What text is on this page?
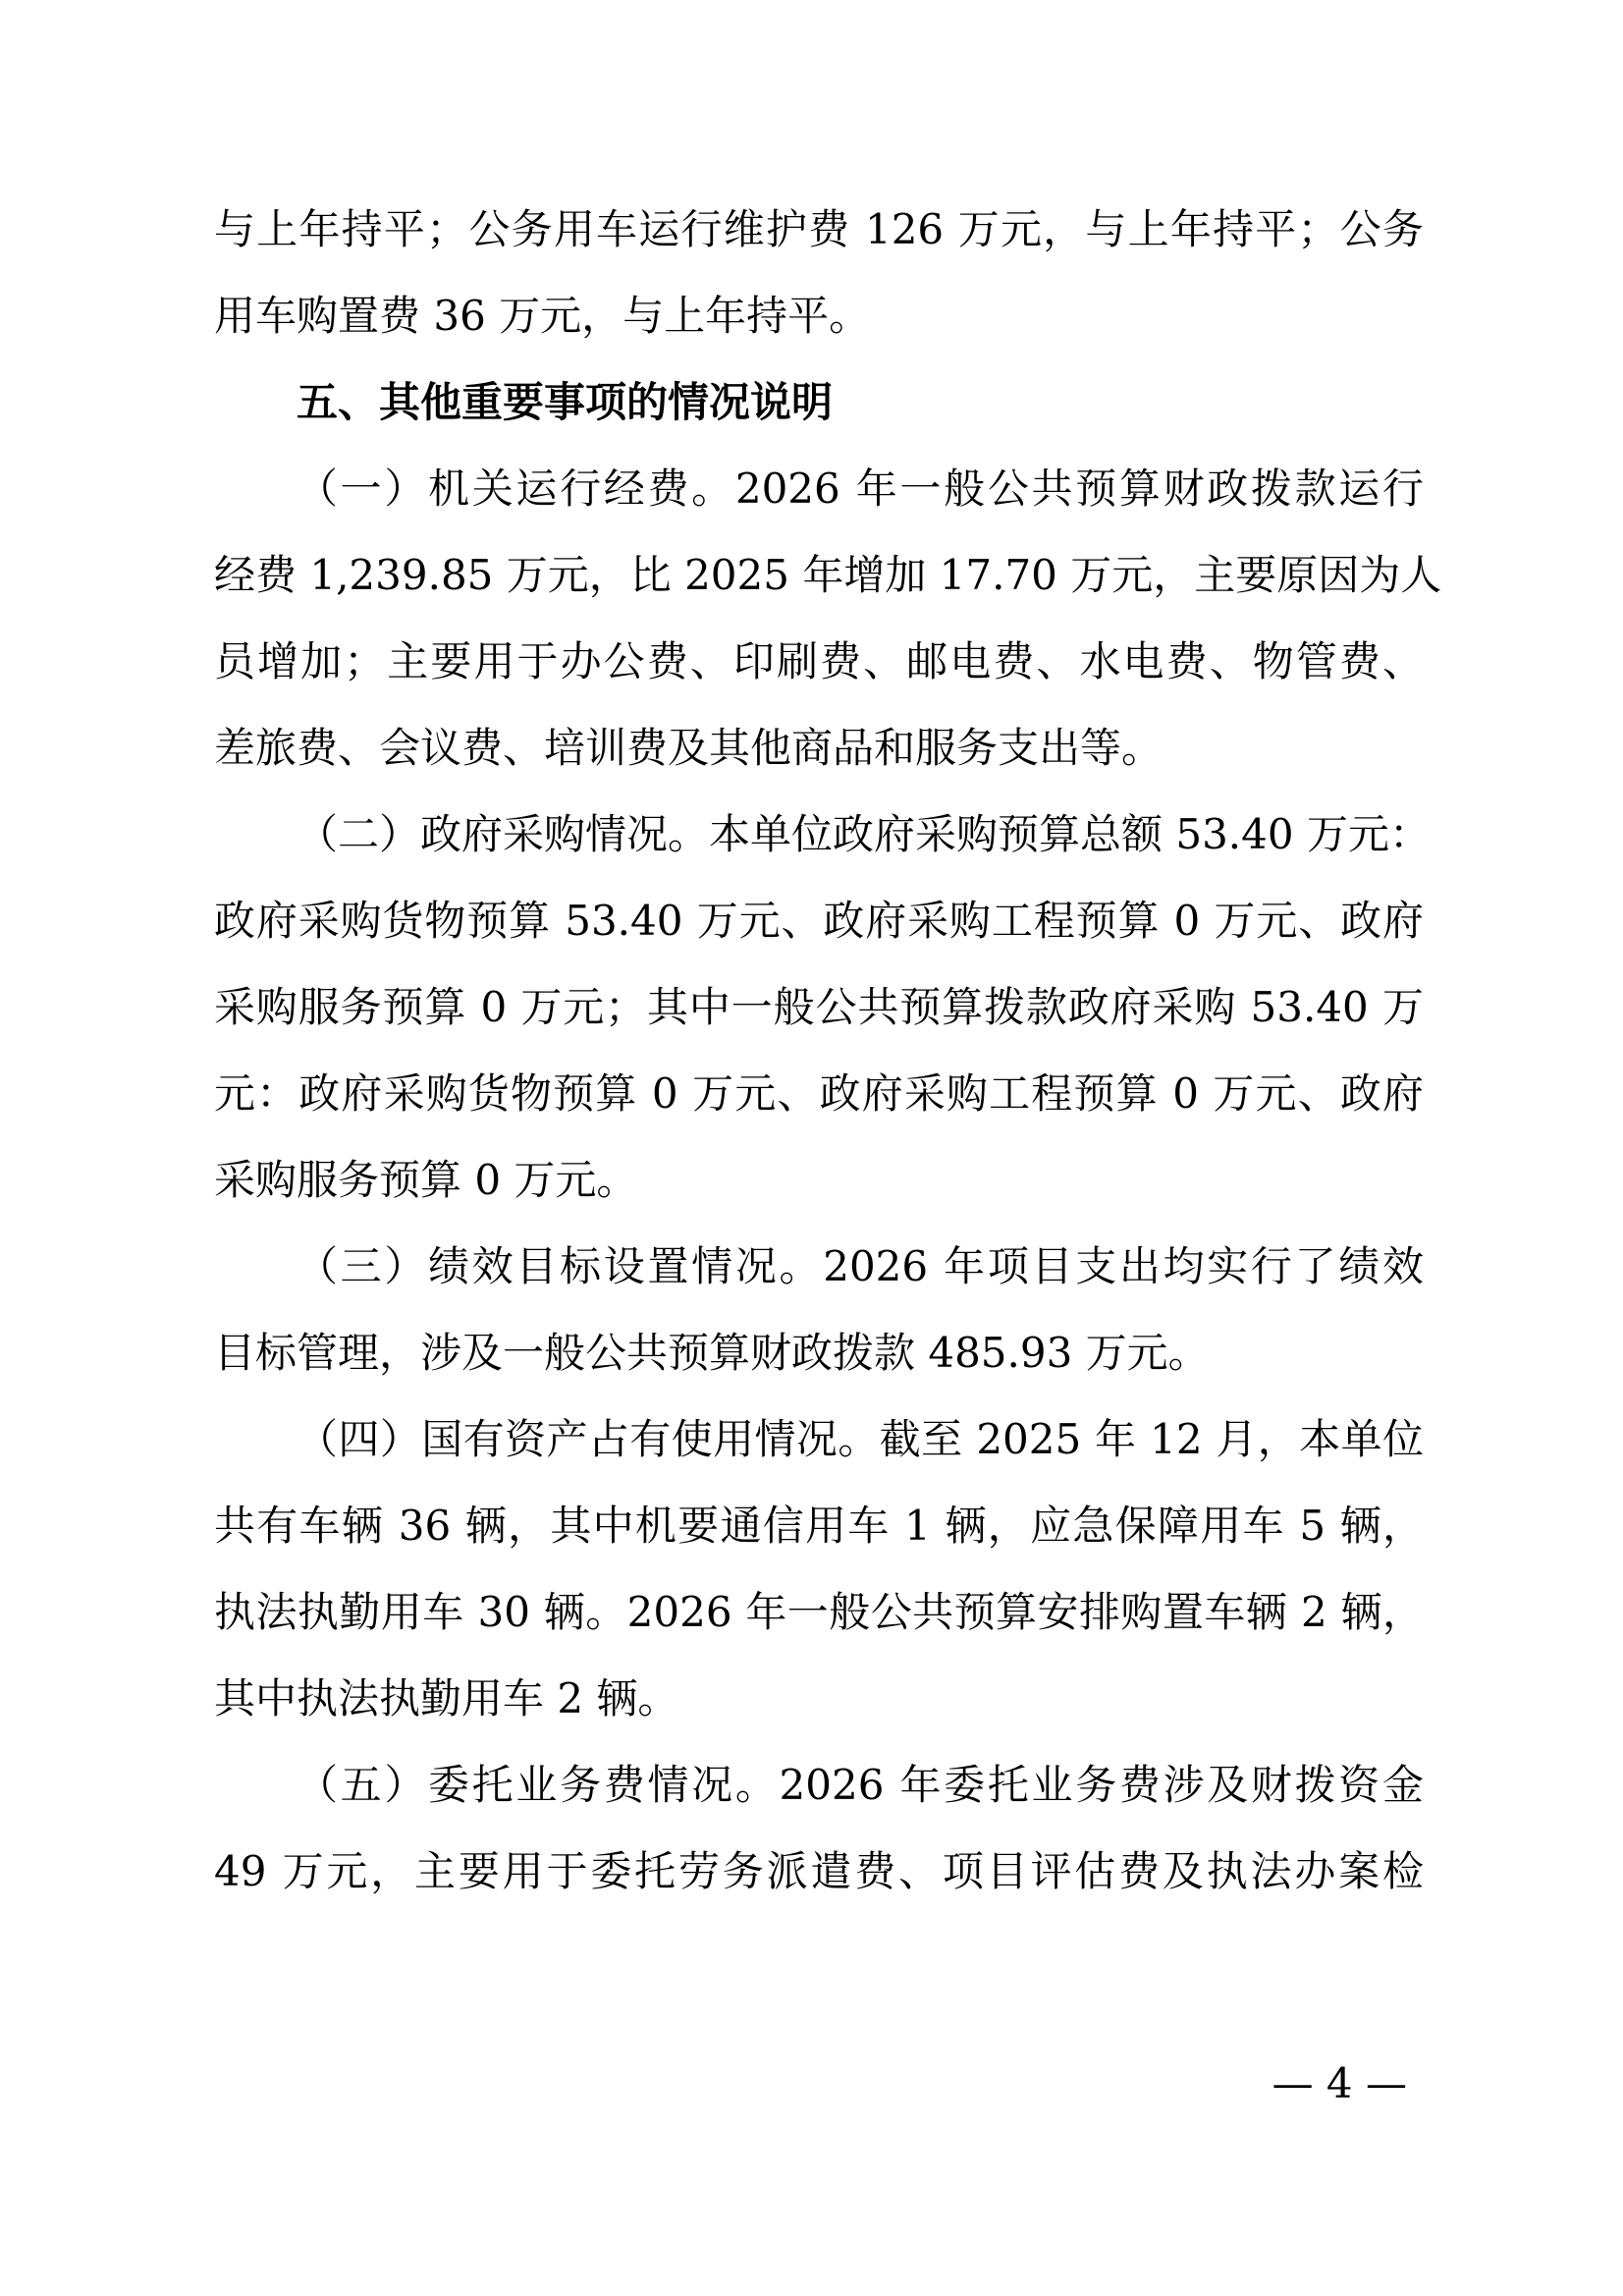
与上年持平；公务用车运行维护费 126 万元，与上年持平；公务
用车购置费 36 万元，与上年持平。
五、其他重要事项的情况说明
（一）机关运行经费。2026 年一般公共预算财政拨款运行
经费 1,239.85 万元，比 2025 年增加 17.70 万元，主要原因为人
员增加；主要用于办公费、印刷费、邮电费、水电费、物管费、
差旅费、会议费、培训费及其他商品和服务支出等。
（二）政府采购情况。本单位政府采购预算总额 53.40 万元：
政府采购货物预算 53.40 万元、政府采购工程预算 0 万元、政府
采购服务预算 0 万元；其中一般公共预算拨款政府采购 53.40 万
元：政府采购货物预算 0 万元、政府采购工程预算 0 万元、政府
采购服务预算 0 万元。
（三）绩效目标设置情况。2026 年项目支出均实行了绩效
目标管理，涉及一般公共预算财政拨款 485.93 万元。
（四）国有资产占有使用情况。截至 2025 年 12 月，本单位
共有车辆 36 辆，其中机要通信用车 1 辆，应急保障用车 5 辆，
执法执勤用车 30 辆。2026 年一般公共预算安排购置车辆 2 辆，
其中执法执勤用车 2 辆。
（五）委托业务费情况。2026 年委托业务费涉及财拨资金
49 万元，主要用于委托劳务派遣费、项目评估费及执法办案检
— 4 —
